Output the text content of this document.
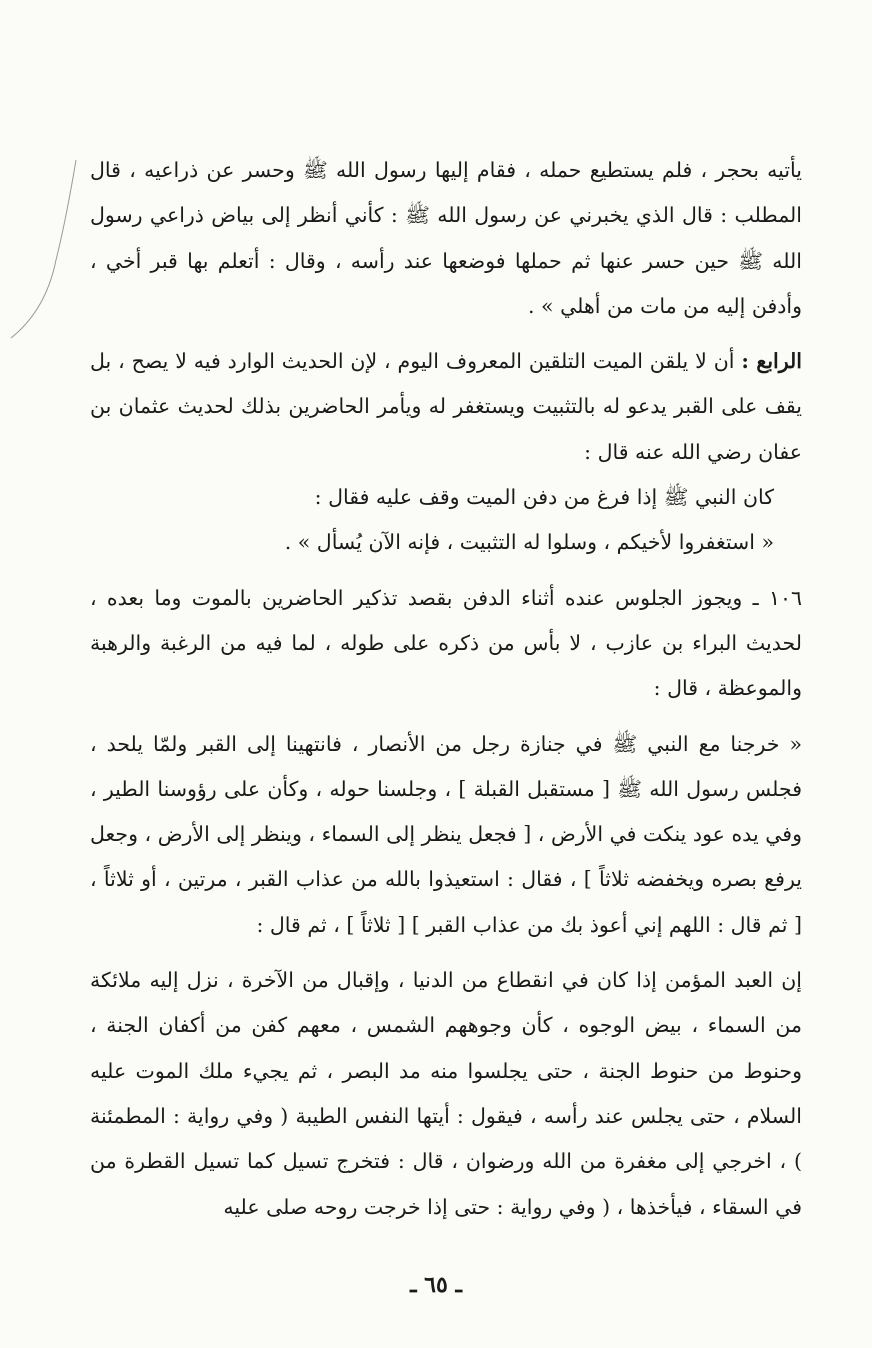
يأتيه بحجر ، فلم يستطيع حمله ، فقام إليها رسول الله ﷺ وحسر عن ذراعيه ، قال المطلب : قال الذي يخبرني عن رسول الله ﷺ : كأني أنظر إلى بياض ذراعي رسول الله ﷺ حين حسر عنها ثم حملها فوضعها عند رأسه ، وقال : أتعلم بها قبر أخي ، وأدفن إليه من مات من أهلي » .

الرابع : أن لا يلقن الميت التلقين المعروف اليوم ، لإن الحديث الوارد فيه لا يصح ، بل يقف على القبر يدعو له بالتثبيت ويستغفر له ويأمر الحاضرين بذلك لحديث عثمان بن عفان رضي الله عنه قال :

كان النبي ﷺ إذا فرغ من دفن الميت وقف عليه فقال :

« استغفروا لأخيكم ، وسلوا له التثبيت ، فإنه الآن يُسأل » .

١٠٦ ـ ويجوز الجلوس عنده أثناء الدفن بقصد تذكير الحاضرين بالموت وما بعده ، لحديث البراء بن عازب ، لا بأس من ذكره على طوله ، لما فيه من الرغبة والرهبة والموعظة ، قال :

« خرجنا مع النبي ﷺ في جنازة رجل من الأنصار ، فانتهينا إلى القبر ولمّا يلحد ، فجلس رسول الله ﷺ [ مستقبل القبلة ] ، وجلسنا حوله ، وكأن على رؤوسنا الطير ، وفي يده عود ينكت في الأرض ، [ فجعل ينظر إلى السماء ، وينظر إلى الأرض ، وجعل يرفع بصره ويخفضه ثلاثاً ] ، فقال : استعيذوا بالله من عذاب القبر ، مرتين ، أو ثلاثاً ، [ ثم قال : اللهم إني أعوذ بك من عذاب القبر ] [ ثلاثاً ] ، ثم قال :

إن العبد المؤمن إذا كان في انقطاع من الدنيا ، وإقبال من الآخرة ، نزل إليه ملائكة من السماء ، بيض الوجوه ، كأن وجوههم الشمس ، معهم كفن من أكفان الجنة ، وحنوط من حنوط الجنة ، حتى يجلسوا منه مد البصر ، ثم يجيء ملك الموت عليه السلام ، حتى يجلس عند رأسه ، فيقول : أيتها النفس الطيبة ( وفي رواية : المطمئنة ) ، اخرجي إلى مغفرة من الله ورضوان ، قال : فتخرج تسيل كما تسيل القطرة من في السقاء ، فيأخذها ، ( وفي رواية : حتى إذا خرجت روحه صلى عليه

ـ ٦٥ ـ
